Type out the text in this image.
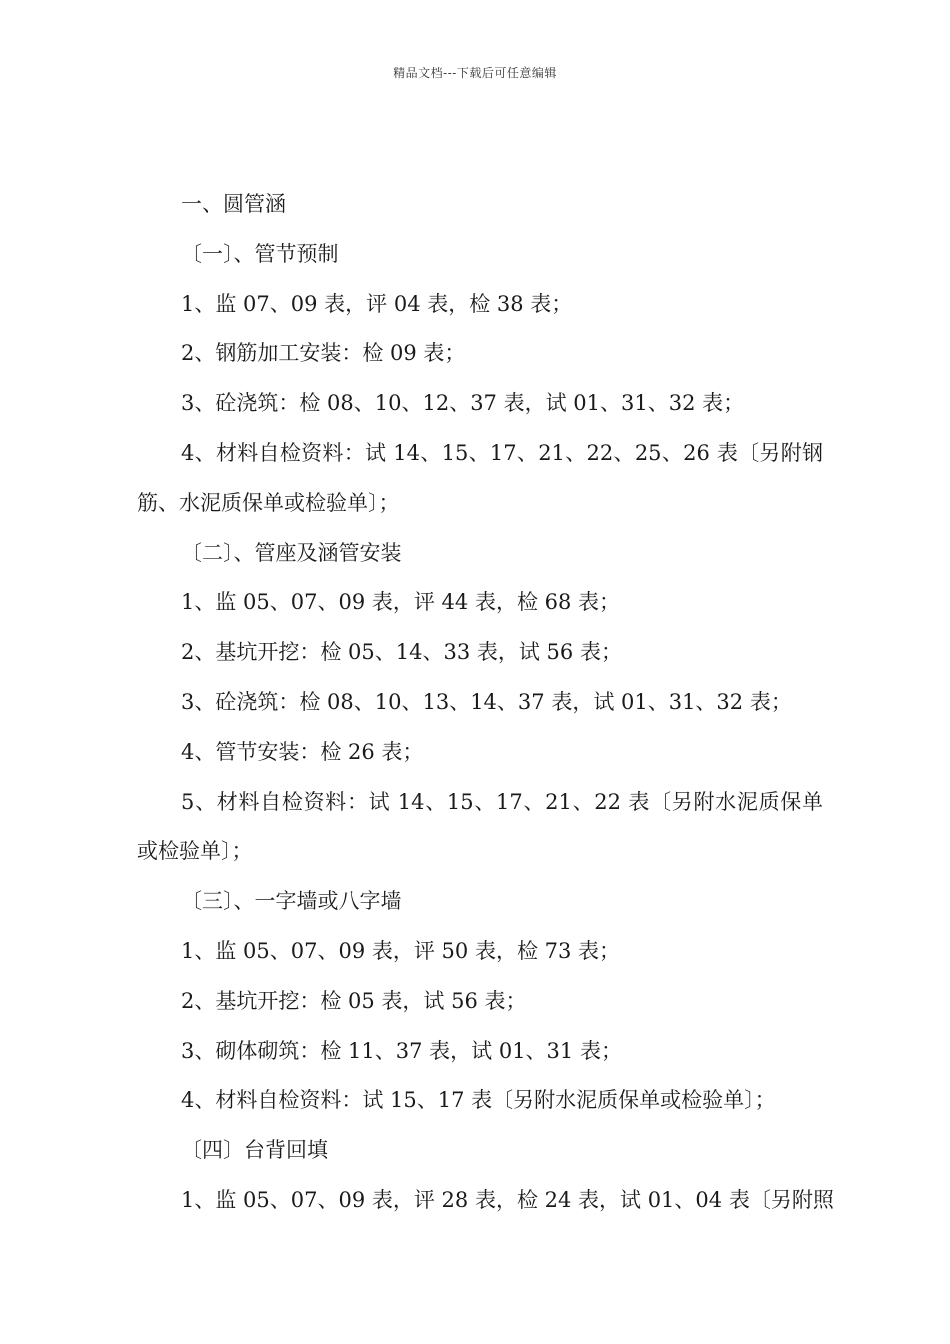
精品文档---下载后可任意编辑
一、圆管涵
〔一〕、管节预制
1、监 07、09 表，评 04 表，检 38 表；
2、钢筋加工安装：检 09 表；
3、砼浇筑：检 08、10、12、37 表，试 01、31、32 表；
4、材料自检资料：试 14、15、17、21、22、25、26 表〔另附钢
筋、水泥质保单或检验单〕；
〔二〕、管座及涵管安装
1、监 05、07、09 表，评 44 表，检 68 表；
2、基坑开挖：检 05、14、33 表，试 56 表；
3、砼浇筑：检 08、10、13、14、37 表，试 01、31、32 表；
4、管节安装：检 26 表；
5、材料自检资料：试 14、15、17、21、22 表〔另附水泥质保单
或检验单〕；
〔三〕、一字墙或八字墙
1、监 05、07、09 表，评 50 表，检 73 表；
2、基坑开挖：检 05 表，试 56 表；
3、砌体砌筑：检 11、37 表，试 01、31 表；
4、材料自检资料：试 15、17 表〔另附水泥质保单或检验单〕；
〔四〕台背回填
1、监 05、07、09 表，评 28 表，检 24 表，试 01、04 表〔另附照
